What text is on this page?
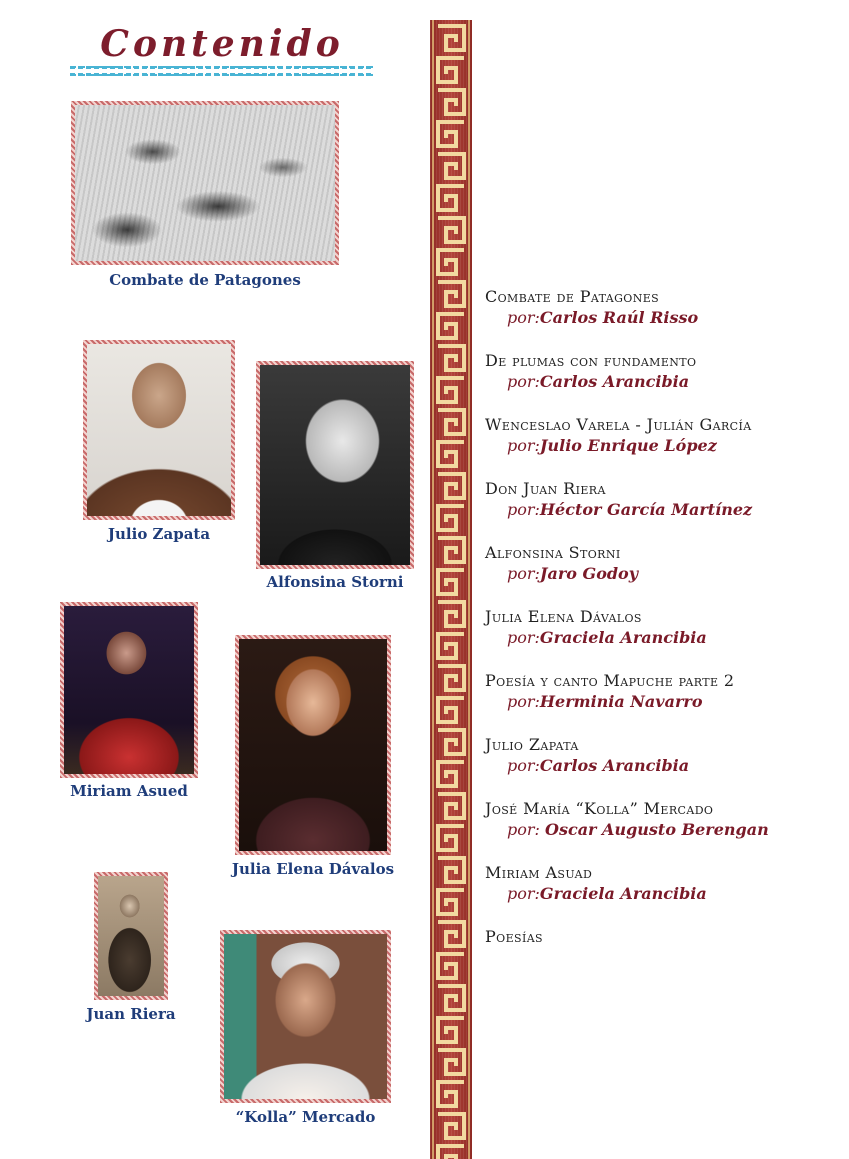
Contenido
Combate de Patagones
Julio Zapata
Alfonsina Storni
Miriam Asued
Julia Elena Dávalos
Juan Riera
“Kolla” Mercado
Combate de Patagones
por:Carlos Raúl Risso
De plumas con fundamento
por:Carlos Arancibia
Wenceslao Varela - Julián García
por:Julio Enrique López
Don Juan Riera
por:Héctor García Martínez
Alfonsina Storni
por:Jaro Godoy
Julia Elena Dávalos
por:Graciela Arancibia
Poesía y canto Mapuche parte 2
por:Herminia Navarro
Julio Zapata
por:Carlos Arancibia
José María “Kolla” Mercado
por: Oscar Augusto Berengan
Miriam Asuad
por:Graciela Arancibia
Poesías
